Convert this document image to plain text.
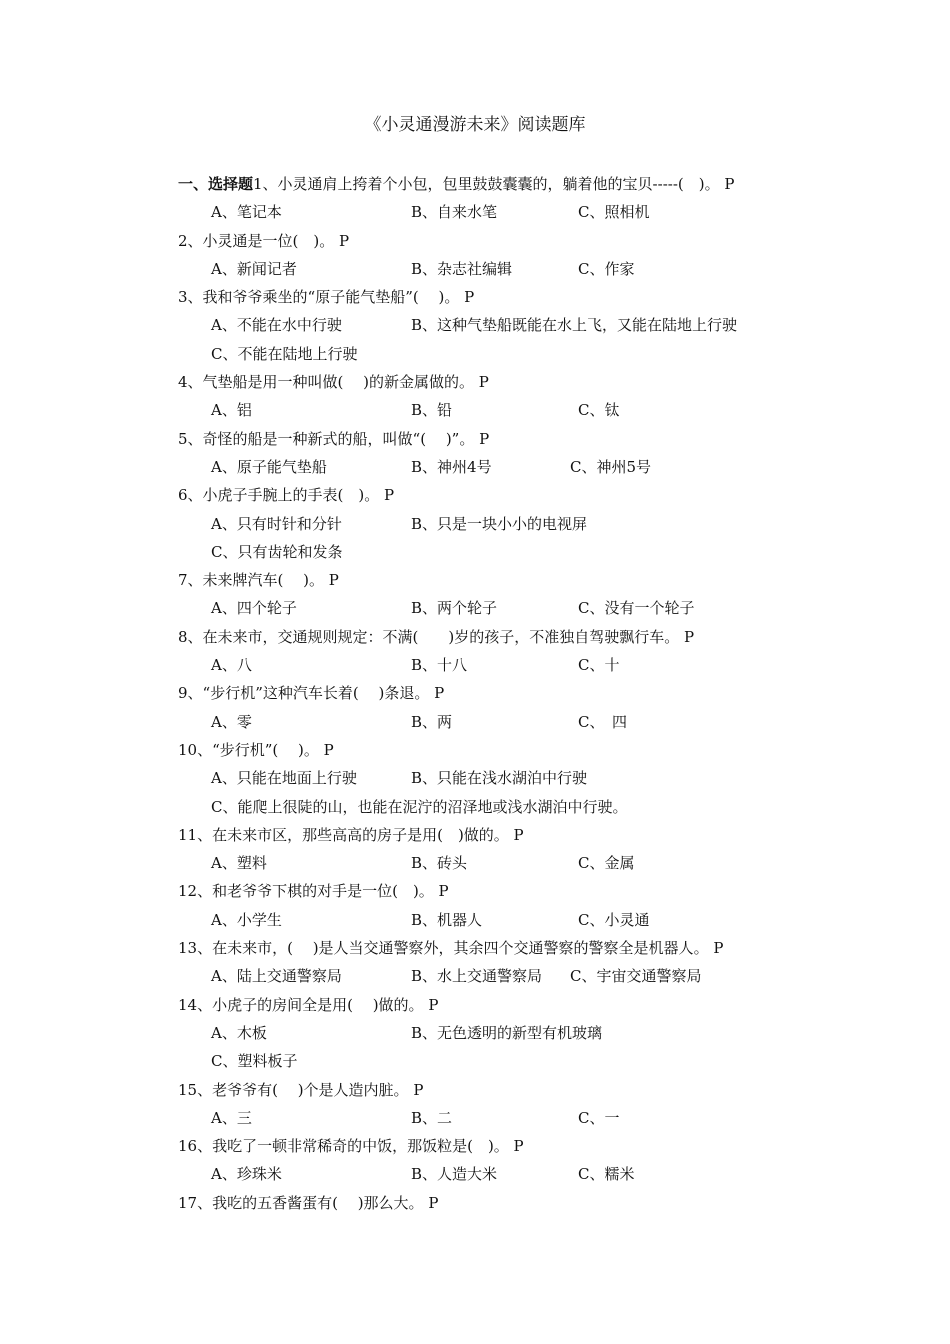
《小灵通漫游未来》阅读题库
一、选择题1、小灵通肩上挎着个小包，包里鼓鼓囊囊的，躺着他的宝贝-----(　)。 P
A、笔记本	B、自来水笔	C、照相机
2、小灵通是一位(　)。 P
A、新闻记者	B、杂志社编辑	C、作家
3、我和爷爷乘坐的“原子能气垫船”(　 )。 P
A、不能在水中行驶	B、这种气垫船既能在水上飞，又能在陆地上行驶
C、不能在陆地上行驶
4、气垫船是用一种叫做(　 )的新金属做的。 P
A、铝	B、铅	C、钛
5、奇怪的船是一种新式的船，叫做“(　 )”。 P
A、原子能气垫船	B、神州4号	C、神州5号
6、小虎子手腕上的手表(　)。 P
A、只有时针和分针	B、只是一块小小的电视屏
C、只有齿轮和发条
7、未来牌汽车(　 )。 P
A、四个轮子	B、两个轮子	C、没有一个轮子
8、在未来市，交通规则规定：不满(　　)岁的孩子，不准独自驾驶飘行车。 P
A、八	B、十八	C、十
9、“步行机”这种汽车长着(　 )条退。 P
A、零	B、两	C、　四
10、“步行机”(　 )。 P
A、只能在地面上行驶	B、只能在浅水湖泊中行驶
C、能爬上很陡的山，也能在泥泞的沼泽地或浅水湖泊中行驶。
11、在未来市区，那些高高的房子是用(　)做的。 P
A、塑料	B、砖头	C、金属
12、和老爷爷下棋的对手是一位(　)。 P
A、小学生	B、机器人	C、小灵通
13、在未来市，(　 )是人当交通警察外，其余四个交通警察的警察全是机器人。 P
A、陆上交通警察局	B、水上交通警察局 C、宇宙交通警察局
14、小虎子的房间全是用(　 )做的。 P
A、木板	B、无色透明的新型有机玻璃
C、塑料板子
15、老爷爷有(　 )个是人造内脏。 P
A、三	B、二	C、一
16、我吃了一顿非常稀奇的中饭，那饭粒是(　)。 P
A、珍珠米	B、人造大米	C、糯米
17、我吃的五香酱蛋有(　 )那么大。 P
